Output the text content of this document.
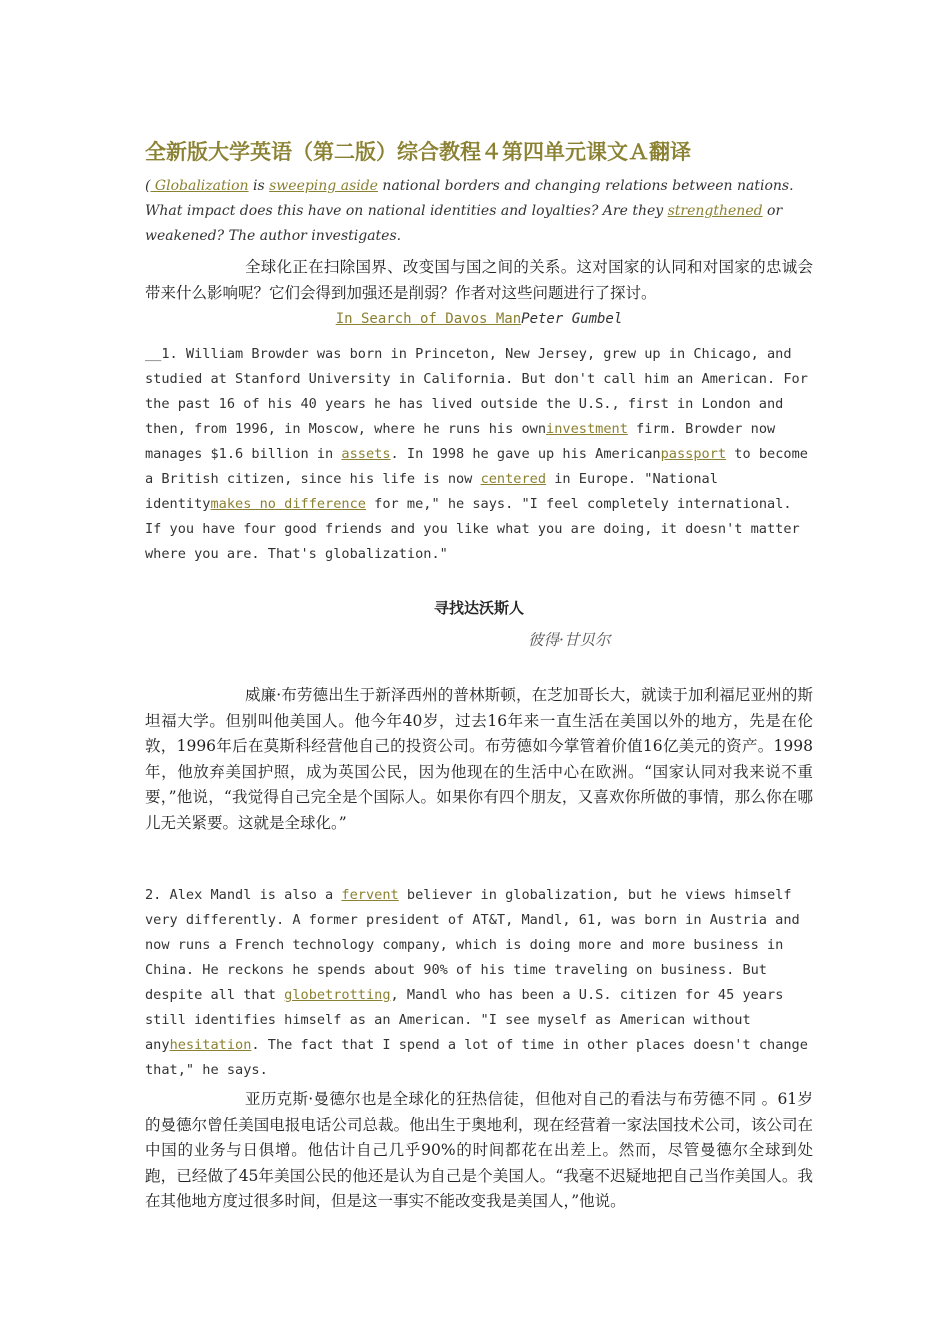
全新版大学英语（第二版）综合教程４第四单元课文Ａ翻译
( Globalization is sweeping aside national borders and changing relations between nations. What impact does this have on national identities and loyalties? Are they strengthened or weakened? The author investigates.
全球化正在扫除国界、改变国与国之间的关系。这对国家的认同和对国家的忠诚会带来什么影响呢？它们会得到加强还是削弱？作者对这些问题进行了探讨。
In Search of Davos ManPeter Gumbel
__1. William Browder was born in Princeton, New Jersey, grew up in Chicago, and studied at Stanford University in California. But don't call him an American. For the past 16 of his 40 years he has lived outside the U.S., first in London and then, from 1996, in Moscow, where he runs his owninvestment firm. Browder now manages $1.6 billion in assets. In 1998 he gave up his Americanpassport to become a British citizen, since his life is now centered in Europe. "National identitymakes no difference for me," he says. "I feel completely international. If you have four good friends and you like what you are doing, it doesn't matter where you are. That's globalization."
寻找达沃斯人
彼得·甘贝尔
威廉·布劳德出生于新泽西州的普林斯顿，在芝加哥长大，就读于加利福尼亚州的斯坦福大学。但别叫他美国人。他今年40岁，过去16年来一直生活在美国以外的地方，先是在伦敦，1996年后在莫斯科经营他自己的投资公司。布劳德如今掌管着价值16亿美元的资产。1998年，他放弃美国护照，成为英国公民，因为他现在的生活中心在欧洲。“国家认同对我来说不重要，”他说，“我觉得自己完全是个国际人。如果你有四个朋友，又喜欢你所做的事情，那么你在哪儿无关紧要。这就是全球化。”
2. Alex Mandl is also a fervent believer in globalization, but he views himself very differently. A former president of AT&T, Mandl, 61, was born in Austria and now runs a French technology company, which is doing more and more business in China. He reckons he spends about 90% of his time traveling on business. But despite all that globetrotting, Mandl who has been a U.S. citizen for 45 years still identifies himself as an American. "I see myself as American without anyhesitation. The fact that I spend a lot of time in other places doesn't change that," he says.
亚历克斯·曼德尔也是全球化的狂热信徒，但他对自己的看法与布劳德不同 。61岁的曼德尔曾任美国电报电话公司总裁。他出生于奥地利，现在经营着一家法国技术公司，该公司在中国的业务与日俱增。他估计自己几乎90%的时间都花在出差上。然而，尽管曼德尔全球到处跑，已经做了45年美国公民的他还是认为自己是个美国人。“我毫不迟疑地把自己当作美国人。我在其他地方度过很多时间，但是这一事实不能改变我是美国人，”他说。
